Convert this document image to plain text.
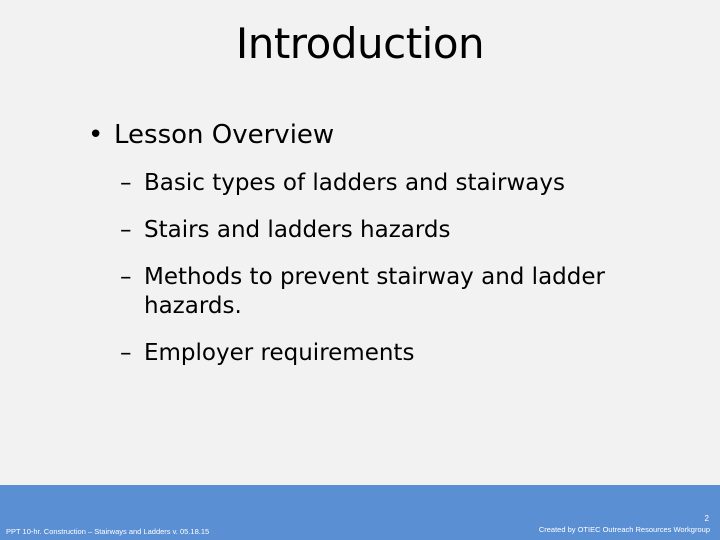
Introduction
• Lesson Overview
– Basic types of ladders and stairways
– Stairs and ladders hazards
– Methods to prevent stairway and ladder hazards.
– Employer requirements
PPT 10-hr. Construction – Stairways and Ladders v. 05.18.15
2
Created by OTIEC Outreach Resources Workgroup
